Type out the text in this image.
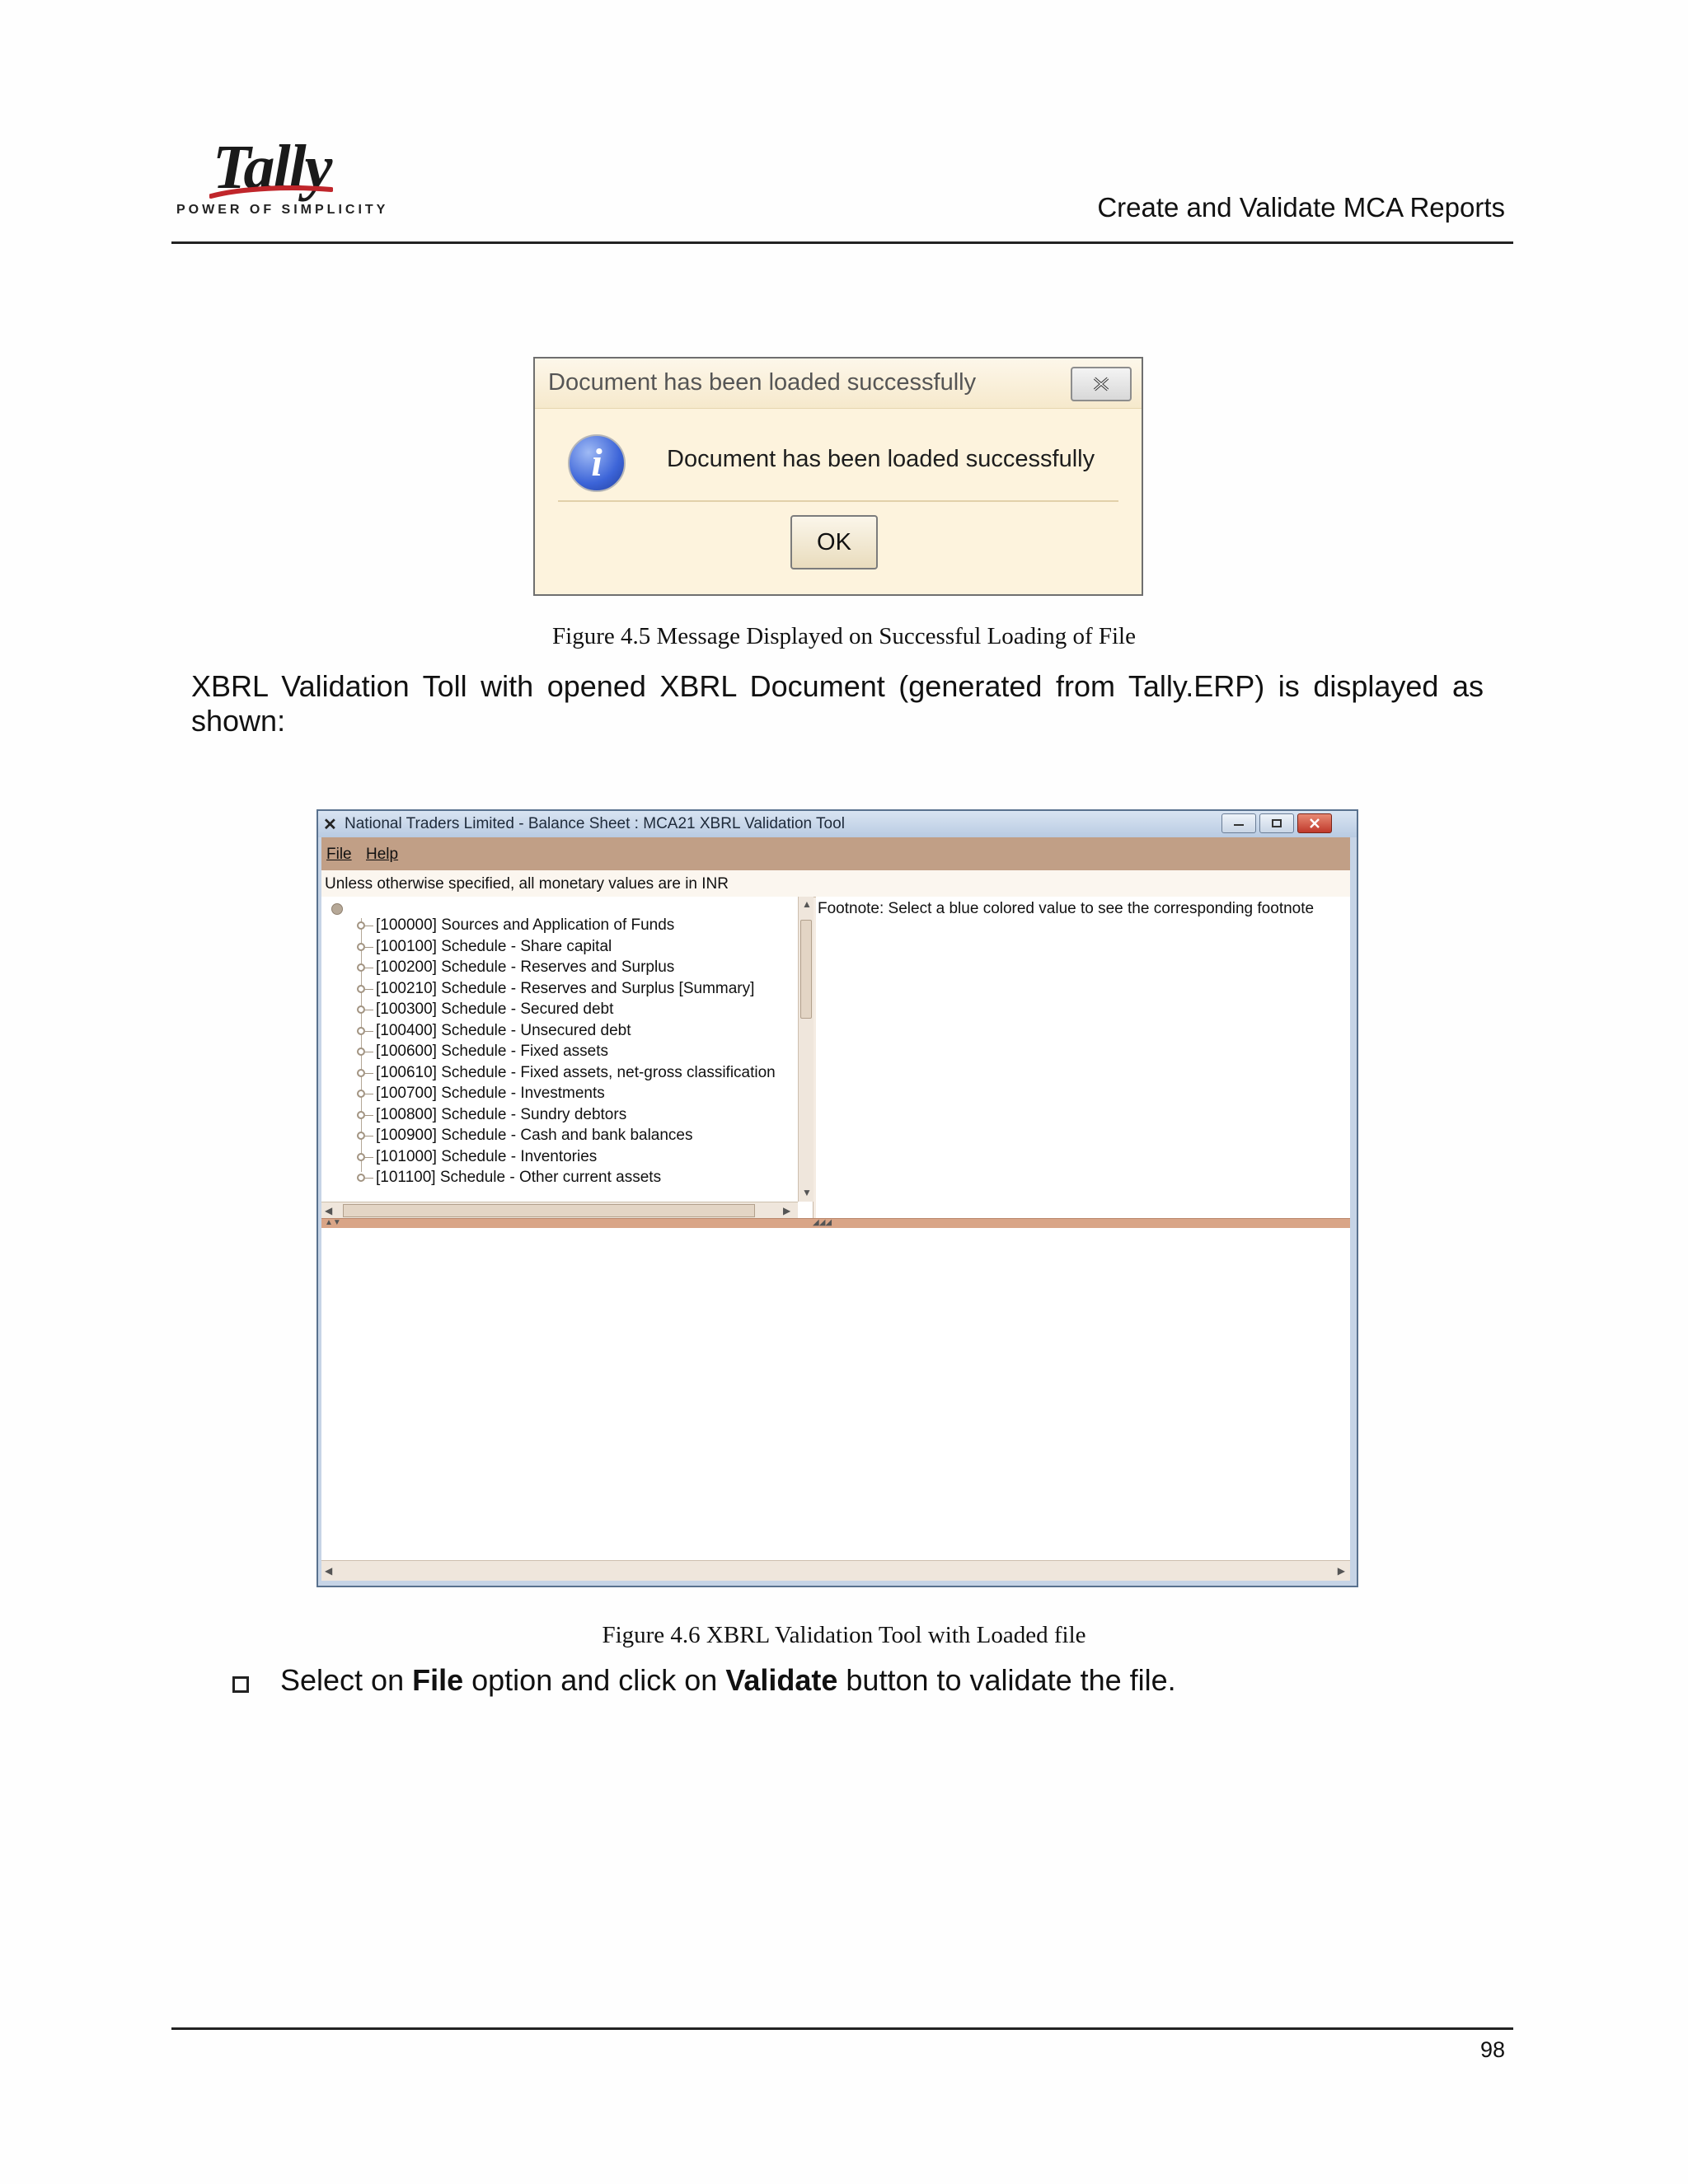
Tally
POWER OF SIMPLICITY	Create and Validate MCA Reports
Document has been loaded successfully
i	Document has been loaded successfully
OK
Figure 4.5 Message Displayed on Successful Loading of File
XBRL Validation Toll with opened XBRL Document (generated from Tally.ERP) is displayed as shown:
✕ National Traders Limited - Balance Sheet : MCA21 XBRL Validation Tool
File Help
Unless otherwise specified, all monetary values are in INR
[100000] Sources and Application of Funds
[100100] Schedule - Share capital
[100200] Schedule - Reserves and Surplus
[100210] Schedule - Reserves and Surplus [Summary]
[100300] Schedule - Secured debt
[100400] Schedule - Unsecured debt
[100600] Schedule - Fixed assets
[100610] Schedule - Fixed assets, net-gross classification
[100700] Schedule - Investments
[100800] Schedule - Sundry debtors
[100900] Schedule - Cash and bank balances
[101000] Schedule - Inventories
[101100] Schedule - Other current assets
▲
▼
◀	▶
Footnote: Select a blue colored value to see the corresponding footnote
▲▼	◢◢◢
◀	▶
Figure 4.6 XBRL Validation Tool with Loaded file
Select on File option and click on Validate button to validate the file.
98
